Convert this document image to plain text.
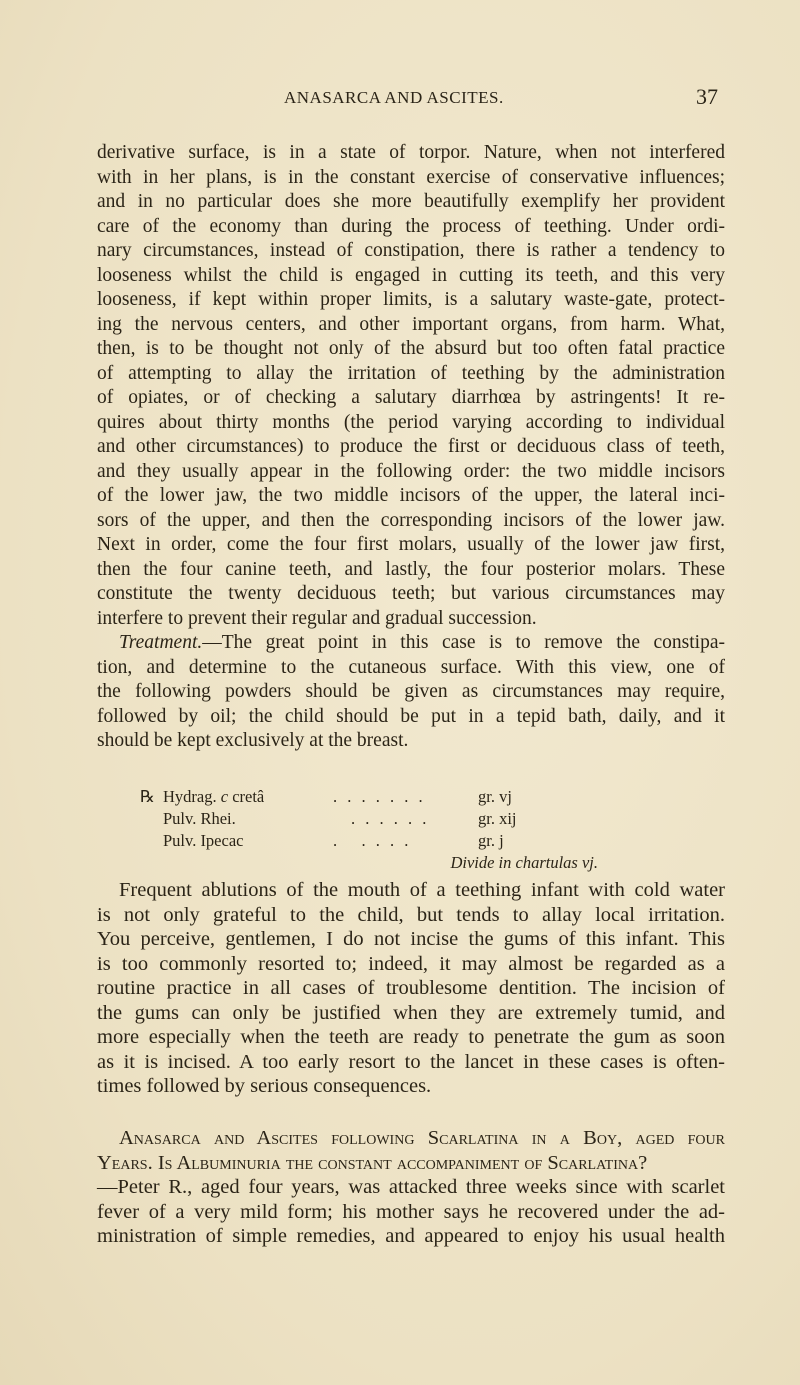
ANASARCA AND ASCITES.	37
derivative surface, is in a state of torpor. Nature, when not interfered
with in her plans, is in the constant exercise of conservative influences;
and in no particular does she more beautifully exemplify her provident
care of the economy than during the process of teething. Under ordi-
nary circumstances, instead of constipation, there is rather a tendency to
looseness whilst the child is engaged in cutting its teeth, and this very
looseness, if kept within proper limits, is a salutary waste-gate, protect-
ing the nervous centers, and other important organs, from harm. What,
then, is to be thought not only of the absurd but too often fatal practice
of attempting to allay the irritation of teething by the administration
of opiates, or of checking a salutary diarrhœa by astringents! It re-
quires about thirty months (the period varying according to individual
and other circumstances) to produce the first or deciduous class of teeth,
and they usually appear in the following order: the two middle incisors
of the lower jaw, the two middle incisors of the upper, the lateral inci-
sors of the upper, and then the corresponding incisors of the lower jaw.
Next in order, come the four first molars, usually of the lower jaw first,
then the four canine teeth, and lastly, the four posterior molars. These
constitute the twenty deciduous teeth; but various circumstances may
interfere to prevent their regular and gradual succession.
Treatment.—The great point in this case is to remove the constipa-
tion, and determine to the cutaneous surface. With this view, one of
the following powders should be given as circumstances may require,
followed by oil; the child should be put in a tepid bath, daily, and it
should be kept exclusively at the breast.
℞ Hydrag. c cretâ	. . . . . . .	gr. vj
Pulv. Rhei.	. . . . . .	gr. xij
Pulv. Ipecac	.   . . . .	gr. j
Divide in chartulas vj.
Frequent ablutions of the mouth of a teething infant with cold water
is not only grateful to the child, but tends to allay local irritation.
You perceive, gentlemen, I do not incise the gums of this infant. This
is too commonly resorted to; indeed, it may almost be regarded as a
routine practice in all cases of troublesome dentition. The incision of
the gums can only be justified when they are extremely tumid, and
more especially when the teeth are ready to penetrate the gum as soon
as it is incised. A too early resort to the lancet in these cases is often-
times followed by serious consequences.
Anasarca and Ascites following Scarlatina in a Boy, aged four
Years. Is Albuminuria the constant accompaniment of Scarlatina?
—Peter R., aged four years, was attacked three weeks since with scarlet
fever of a very mild form; his mother says he recovered under the ad-
ministration of simple remedies, and appeared to enjoy his usual health
